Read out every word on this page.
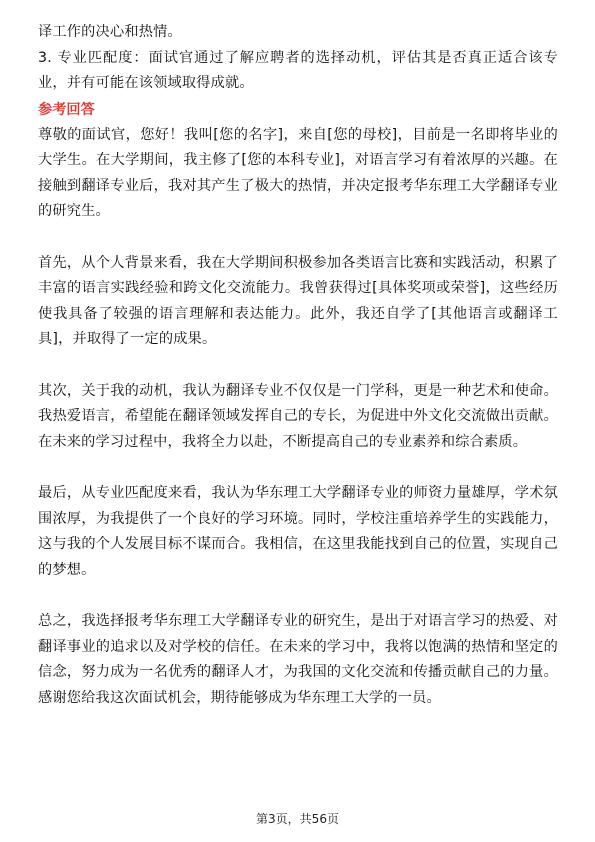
译工作的决心和热情。

3. 专业匹配度：面试官通过了解应聘者的选择动机，评估其是否真正适合该专业，并有可能在该领域取得成就。

参考回答

尊敬的面试官，您好！我叫[您的名字]，来自[您的母校]，目前是一名即将毕业的大学生。在大学期间，我主修了[您的本科专业]，对语言学习有着浓厚的兴趣。在接触到翻译专业后，我对其产生了极大的热情，并决定报考华东理工大学翻译专业的研究生。

首先，从个人背景来看，我在大学期间积极参加各类语言比赛和实践活动，积累了丰富的语言实践经验和跨文化交流能力。我曾获得过[具体奖项或荣誉]，这些经历使我具备了较强的语言理解和表达能力。此外，我还自学了[其他语言或翻译工具]，并取得了一定的成果。

其次，关于我的动机，我认为翻译专业不仅仅是一门学科，更是一种艺术和使命。我热爱语言，希望能在翻译领域发挥自己的专长，为促进中外文化交流做出贡献。在未来的学习过程中，我将全力以赴，不断提高自己的专业素养和综合素质。

最后，从专业匹配度来看，我认为华东理工大学翻译专业的师资力量雄厚，学术氛围浓厚，为我提供了一个良好的学习环境。同时，学校注重培养学生的实践能力，这与我的个人发展目标不谋而合。我相信，在这里我能找到自己的位置，实现自己的梦想。

总之，我选择报考华东理工大学翻译专业的研究生，是出于对语言学习的热爱、对翻译事业的追求以及对学校的信任。在未来的学习中，我将以饱满的热情和坚定的信念，努力成为一名优秀的翻译人才，为我国的文化交流和传播贡献自己的力量。感谢您给我这次面试机会，期待能够成为华东理工大学的一员。

第3页，共56页
